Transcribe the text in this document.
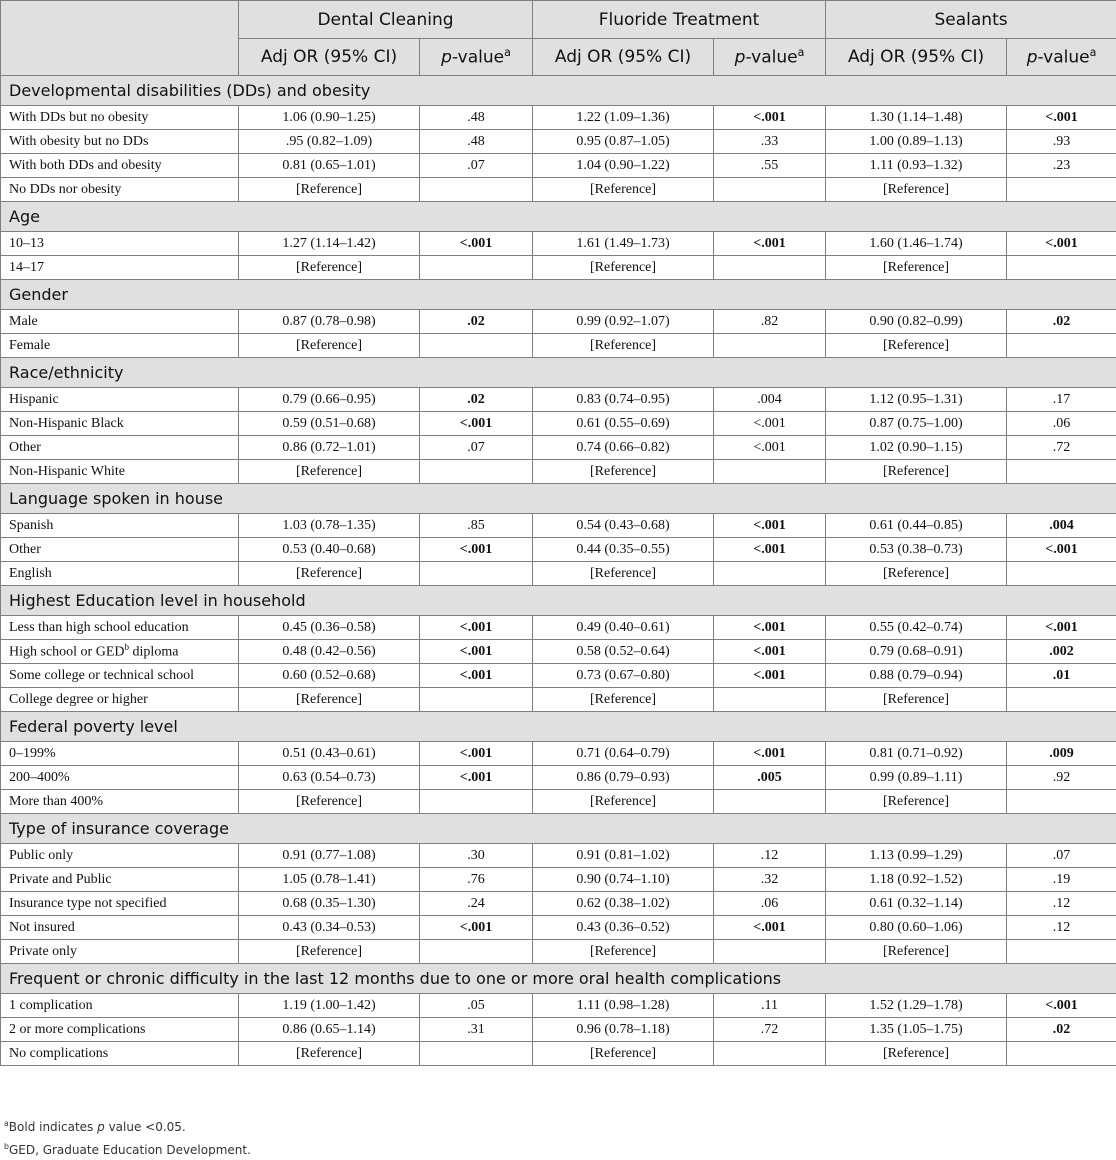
	Dental Cleaning		Fluoride Treatment		Sealants	
	Adj OR (95% CI)	p-value$^a$	Adj OR (95% CI)	p-value$^a$	Adj OR (95% CI)	p-value$^a$
Developmental disabilities (DDs) and obesity						
With DDs but no obesity	1.06 (0.90–1.25)	.48	1.22 (1.09–1.36)	<.001	1.30 (1.14–1.48)	<.001
With obesity but no DDs	.95 (0.82–1.09)	.48	0.95 (0.87–1.05)	.33	1.00 (0.89–1.13)	.93
With both DDs and obesity	0.81 (0.65–1.01)	.07	1.04 (0.90–1.22)	.55	1.11 (0.93–1.32)	.23
No DDs nor obesity	[Reference]		[Reference]		[Reference]	
Age						
10–13	1.27 (1.14–1.42)	<.001	1.61 (1.49–1.73)	<.001	1.60 (1.46–1.74)	<.001
14–17	[Reference]		[Reference]		[Reference]	
Gender						
Male	0.87 (0.78–0.98)	.02	0.99 (0.92–1.07)	.82	0.90 (0.82–0.99)	.02
Female	[Reference]		[Reference]		[Reference]	
Race/ethnicity						
Hispanic	0.79 (0.66–0.95)	.02	0.83 (0.74–0.95)	.004	1.12 (0.95–1.31)	.17
Non-Hispanic Black	0.59 (0.51–0.68)	<.001	0.61 (0.55–0.69)	<.001	0.87 (0.75–1.00)	.06
Other	0.86 (0.72–1.01)	.07	0.74 (0.66–0.82)	<.001	1.02 (0.90–1.15)	.72
Non-Hispanic White	[Reference]		[Reference]		[Reference]	
Language spoken in house						
Spanish	1.03 (0.78–1.35)	.85	0.54 (0.43–0.68)	<.001	0.61 (0.44–0.85)	.004
Other	0.53 (0.40–0.68)	<.001	0.44 (0.35–0.55)	<.001	0.53 (0.38–0.73)	<.001
English	[Reference]		[Reference]		[Reference]	
Highest Education level in household						
Less than high school education	0.45 (0.36–0.58)	<.001	0.49 (0.40–0.61)	<.001	0.55 (0.42–0.74)	<.001
High school or GED$^b$ diploma	0.48 (0.42–0.56)	<.001	0.58 (0.52–0.64)	<.001	0.79 (0.68–0.91)	.002
Some college or technical school	0.60 (0.52–0.68)	<.001	0.73 (0.67–0.80)	<.001	0.88 (0.79–0.94)	.01
College degree or higher	[Reference]		[Reference]		[Reference]	
Federal poverty level						
0–199%	0.51 (0.43–0.61)	<.001	0.71 (0.64–0.79)	<.001	0.81 (0.71–0.92)	.009
200–400%	0.63 (0.54–0.73)	<.001	0.86 (0.79–0.93)	.005	0.99 (0.89–1.11)	.92
More than 400%	[Reference]		[Reference]		[Reference]	
Type of insurance coverage						
Public only	0.91 (0.77–1.08)	.30	0.91 (0.81–1.02)	.12	1.13 (0.99–1.29)	.07
Private and Public	1.05 (0.78–1.41)	.76	0.90 (0.74–1.10)	.32	1.18 (0.92–1.52)	.19
Insurance type not specified	0.68 (0.35–1.30)	.24	0.62 (0.38–1.02)	.06	0.61 (0.32–1.14)	.12
Not insured	0.43 (0.34–0.53)	<.001	0.43 (0.36–0.52)	<.001	0.80 (0.60–1.06)	.12
Private only	[Reference]		[Reference]		[Reference]	
Frequent or chronic difficulty in the last 12 months due to one or more oral health complications						
1 complication	1.19 (1.00–1.42)	.05	1.11 (0.98–1.28)	.11	1.52 (1.29–1.78)	<.001
2 or more complications	0.86 (0.65–1.14)	.31	0.96 (0.78–1.18)	.72	1.35 (1.05–1.75)	.02
No complications	[Reference]		[Reference]		[Reference]	
$^a$Bold indicates p value <0.05.
$^b$GED, Graduate Education Development.
